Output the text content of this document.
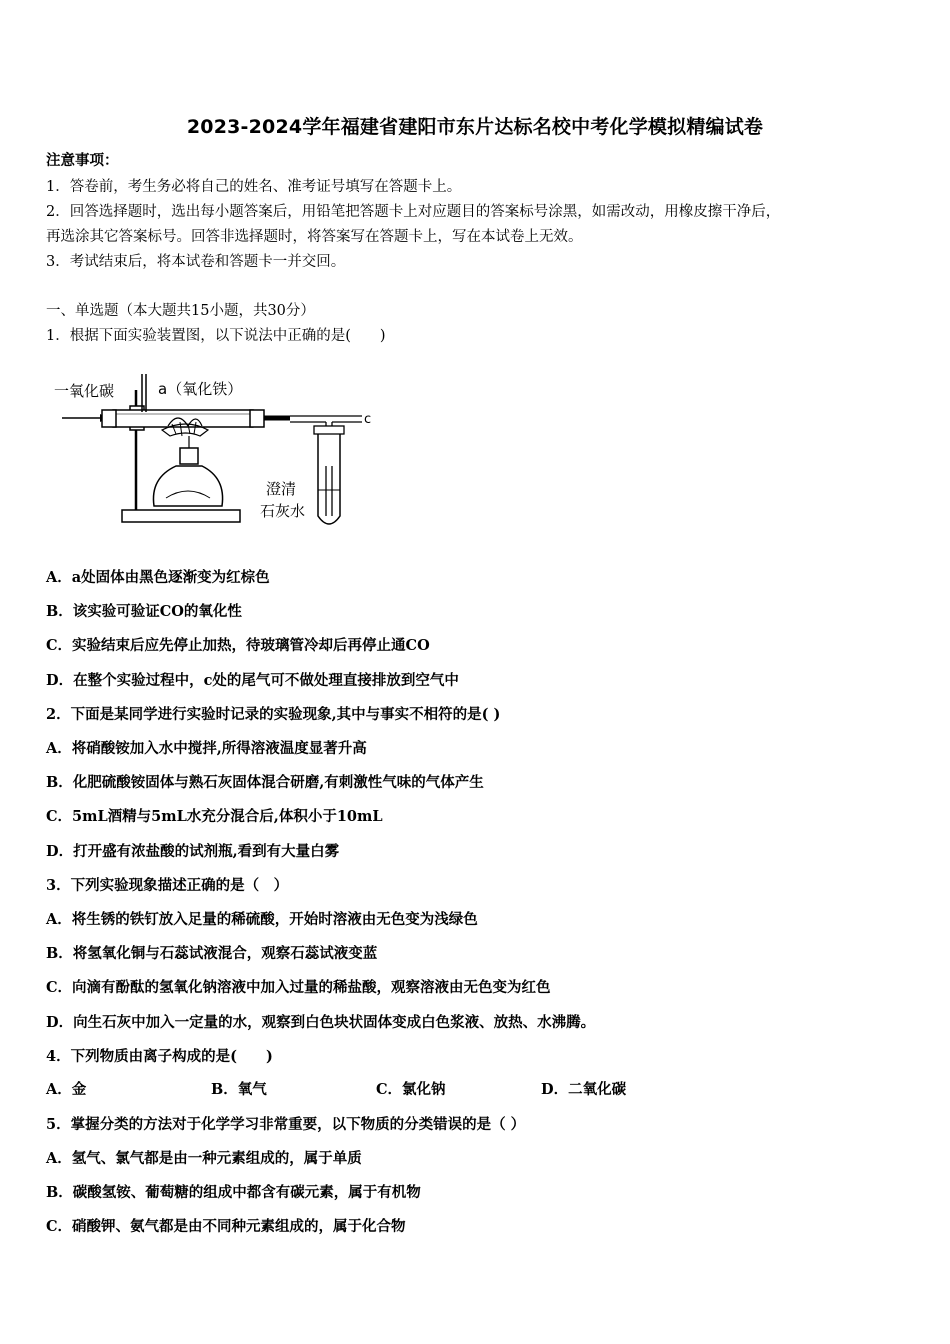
2023-2024学年福建省建阳市东片达标名校中考化学模拟精编试卷
注意事项：
1．答卷前，考生务必将自己的姓名、准考证号填写在答题卡上。
2．回答选择题时，选出每小题答案后，用铅笔把答题卡上对应题目的答案标号涂黑，如需改动，用橡皮擦干净后，
再选涂其它答案标号。回答非选择题时，将答案写在答题卡上，写在本试卷上无效。
3．考试结束后，将本试卷和答题卡一并交回。
一、单选题（本大题共15小题，共30分）
1．根据下面实验装置图，以下说法中正确的是(　　)
一氧化碳	a（氧化铁）
c
澄清
石灰水
A．a处固体由黑色逐渐变为红棕色
B．该实验可验证CO的氧化性
C．实验结束后应先停止加热，待玻璃管冷却后再停止通CO
D．在整个实验过程中，c处的尾气可不做处理直接排放到空气中
2．下面是某同学进行实验时记录的实验现象,其中与事实不相符的是( )
A．将硝酸铵加入水中搅拌,所得溶液温度显著升高
B．化肥硫酸铵固体与熟石灰固体混合研磨,有刺激性气味的气体产生
C．5mL酒精与5mL水充分混合后,体积小于10mL
D．打开盛有浓盐酸的试剂瓶,看到有大量白雾
3．下列实验现象描述正确的是（　）
A．将生锈的铁钉放入足量的稀硫酸，开始时溶液由无色变为浅绿色
B．将氢氧化铜与石蕊试液混合，观察石蕊试液变蓝
C．向滴有酚酞的氢氧化钠溶液中加入过量的稀盐酸，观察溶液由无色变为红色
D．向生石灰中加入一定量的水，观察到白色块状固体变成白色浆液、放热、水沸腾。
4．下列物质由离子构成的是(　　)
A．金	B．氧气	C．氯化钠	D．二氧化碳
5．掌握分类的方法对于化学学习非常重要，以下物质的分类错误的是（ ）
A．氢气、氯气都是由一种元素组成的，属于单质
B．碳酸氢铵、葡萄糖的组成中都含有碳元素，属于有机物
C．硝酸钾、氨气都是由不同种元素组成的，属于化合物
